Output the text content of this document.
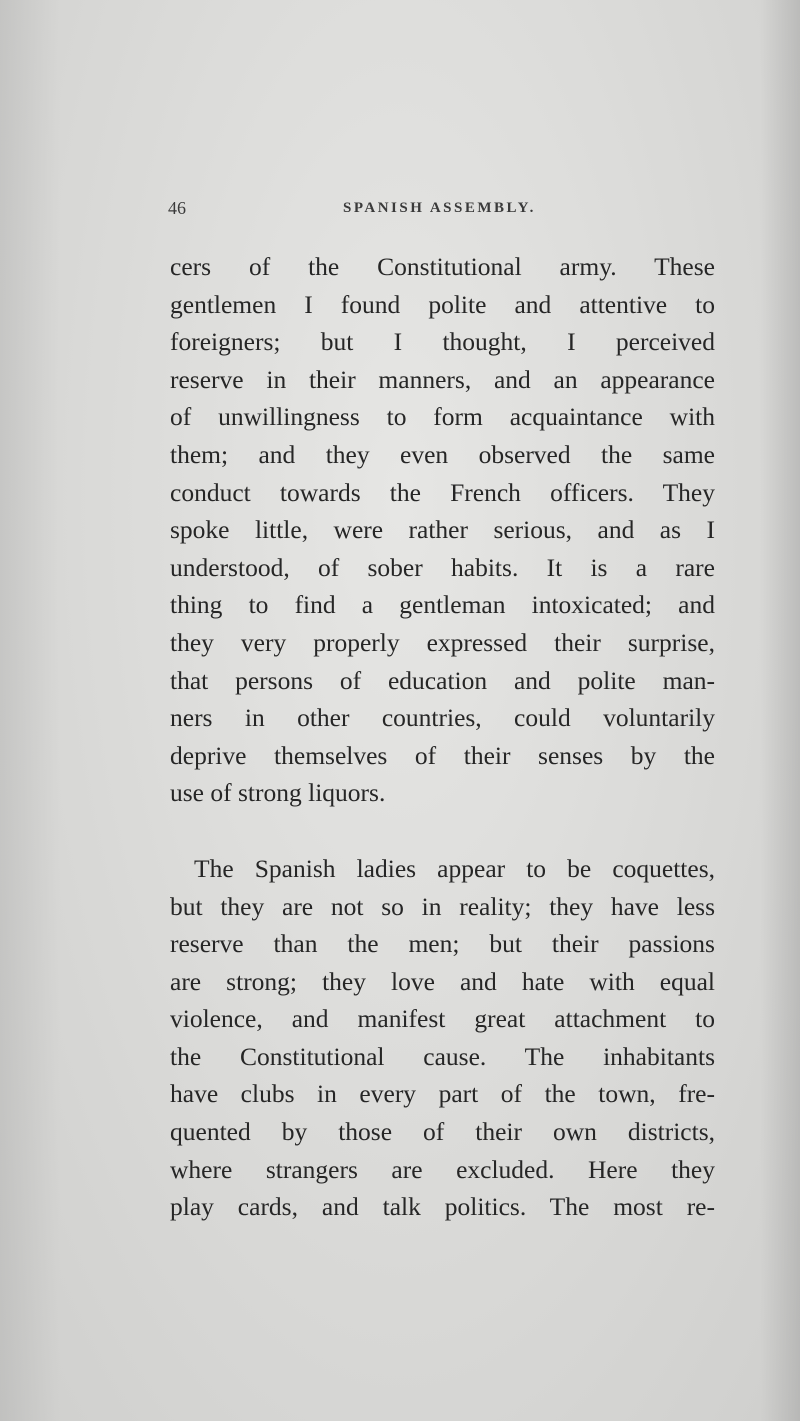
46	SPANISH ASSEMBLY.
cers of the Constitutional army. These
gentlemen I found polite and attentive to
foreigners; but I thought, I perceived
reserve in their manners, and an appearance
of unwillingness to form acquaintance with
them; and they even observed the same
conduct towards the French officers. They
spoke little, were rather serious, and as I
understood, of sober habits. It is a rare
thing to find a gentleman intoxicated; and
they very properly expressed their surprise,
that persons of education and polite man-
ners in other countries, could voluntarily
deprive themselves of their senses by the
use of strong liquors.
The Spanish ladies appear to be coquettes,
but they are not so in reality; they have less
reserve than the men; but their passions
are strong; they love and hate with equal
violence, and manifest great attachment to
the Constitutional cause. The inhabitants
have clubs in every part of the town, fre-
quented by those of their own districts,
where strangers are excluded. Here they
play cards, and talk politics. The most re-
